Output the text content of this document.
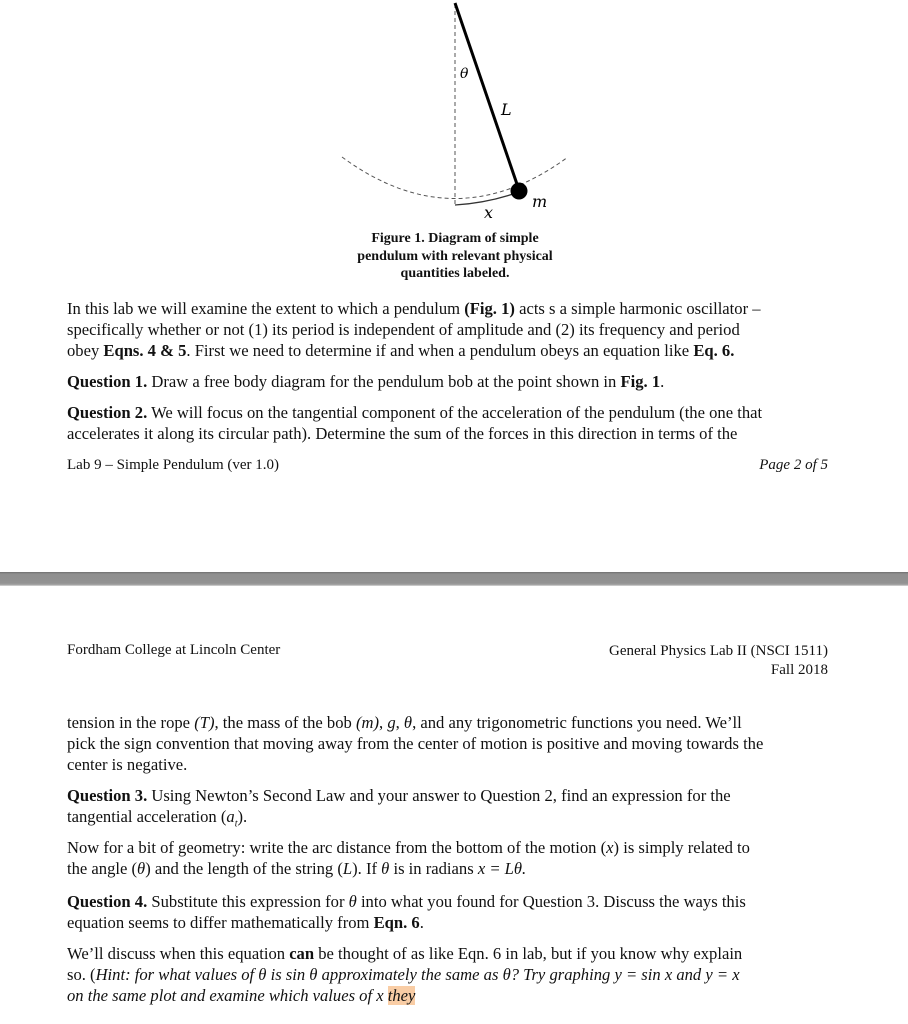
θ
L
m
x
Figure 1. Diagram of simple
pendulum with relevant physical
quantities labeled.
In this lab we will examine the extent to which a pendulum (Fig. 1) acts s a simple harmonic oscillator –
specifically whether or not (1) its period is independent of amplitude and (2) its frequency and period
obey Eqns. 4 & 5. First we need to determine if and when a pendulum obeys an equation like Eq. 6.
Question 1. Draw a free body diagram for the pendulum bob at the point shown in Fig. 1.
Question 2. We will focus on the tangential component of the acceleration of the pendulum (the one that
accelerates it along its circular path). Determine the sum of the forces in this direction in terms of the
Lab 9 – Simple Pendulum (ver 1.0)	Page 2 of 5
Fordham College at Lincoln Center	General Physics Lab II (NSCI 1511)
Fall 2018
tension in the rope (T), the mass of the bob (m), g, θ, and any trigonometric functions you need. We’ll
pick the sign convention that moving away from the center of motion is positive and moving towards the
center is negative.
Question 3. Using Newton’s Second Law and your answer to Question 2, find an expression for the
tangential acceleration $(a_t)$.
Now for a bit of geometry: write the arc distance from the bottom of the motion (x) is simply related to
the angle (θ) and the length of the string (L). If θ is in radians x = Lθ.
Question 4. Substitute this expression for θ into what you found for Question 3. Discuss the ways this
equation seems to differ mathematically from Eqn. 6.
We’ll discuss when this equation can be thought of as like Eqn. 6 in lab, but if you know why explain
so. (Hint: for what values of θ is sin θ approximately the same as θ? Try graphing y = sin x and y = x
on the same plot and examine which values of x they
